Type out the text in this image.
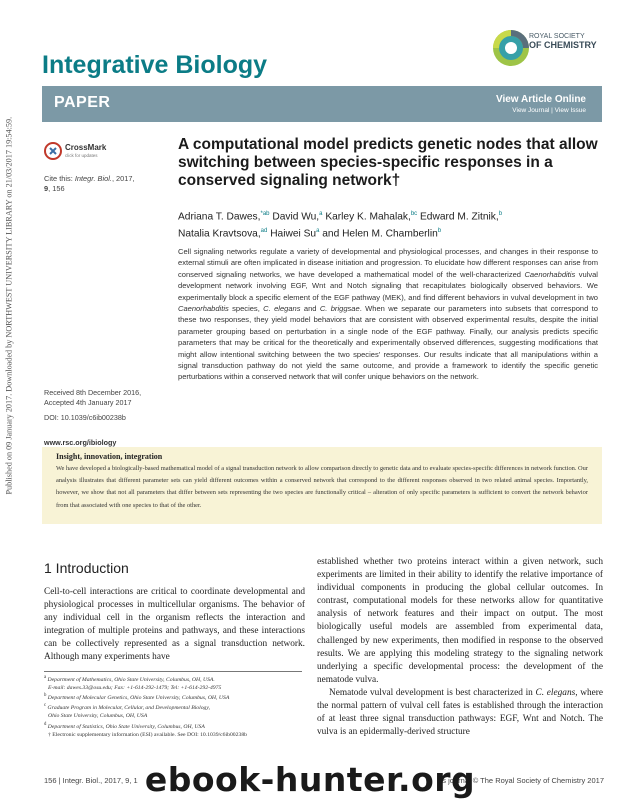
Published on 09 January 2017. Downloaded by NORTHWEST UNIVERSITY LIBRARY on 21/03/2017 19:54:59.
Integrative Biology
ROYAL SOCIETY
OF CHEMISTRY
PAPER	View Article Online
View Journal | View Issue
CrossMark
click for updates
Cite this: Integr. Biol., 2017,
9, 156
Received 8th December 2016,
Accepted 4th January 2017
DOI: 10.1039/c6ib00238b
www.rsc.org/ibiology
A computational model predicts genetic nodes that allow switching between species-specific responses in a conserved signaling network†
Adriana T. Dawes,$^{*ab}$ David Wu,$^a$ Karley K. Mahalak,$^{bc}$ Edward M. Zitnik,$^b$
Natalia Kravtsova,$^{ad}$ Haiwei Su$^a$ and Helen M. Chamberlin$^b$
Cell signaling networks regulate a variety of developmental and physiological processes, and changes in their response to external stimuli are often implicated in disease initiation and progression. To elucidate how different responses can arise from conserved signaling networks, we have developed a mathematical model of the well-characterized Caenorhabditis vulval development network involving EGF, Wnt and Notch signaling that recapitulates biologically observed behaviors. We experimentally block a specific element of the EGF pathway (MEK), and find different behaviors in vulval development in two Caenorhabditis species, C. elegans and C. briggsae. When we separate our parameters into subsets that correspond to these two responses, they yield model behaviors that are consistent with observed experimental results, despite the initial parameter grouping based on perturbation in a single node of the EGF pathway. Finally, our analysis predicts specific parameters that may be critical for the theoretically and experimentally observed differences, suggesting modifications that might allow intentional switching between the two species' responses. Our results indicate that all manipulations within a signal transduction pathway do not yield the same outcome, and provide a framework to identify the specific genetic perturbations within a conserved network that will confer unique behaviors on the network.
Insight, innovation, integration
We have developed a biologically-based mathematical model of a signal transduction network to allow comparison directly to genetic data and to evaluate species-specific differences in network function. Our analysis illustrates that different parameter sets can yield different outcomes within a conserved network that correspond to the different responses observed in two related animal species. Importantly, however, we show that not all parameters that differ between sets representing the two species are functionally critical – alteration of only specific parameters is sufficient to convert the network behavior from that associated with one species to that of the other.
1 Introduction
Cell-to-cell interactions are critical to coordinate developmental and physiological processes in multicellular organisms. The behavior of any individual cell in the organism reflects the interaction and integration of multiple proteins and pathways, and these interactions can be collectively represented as a signal transduction network. Although many experiments have
$^a$ Department of Mathematics, Ohio State University, Columbus, OH, USA.
E-mail: dawes.33@osu.edu; Fax: +1-614-292-1479; Tel: +1-614-292-4975
$^b$ Department of Molecular Genetics, Ohio State University, Columbus, OH, USA
$^c$ Graduate Program in Molecular, Cellular, and Developmental Biology,
Ohio State University, Columbus, OH, USA
$^d$ Department of Statistics, Ohio State University, Columbus, OH, USA
† Electronic supplementary information (ESI) available. See DOI: 10.1039/c6ib00238b

established whether two proteins interact within a given network, such experiments are limited in their ability to identify the relative importance of individual components in producing the global cellular outcomes. In contrast, computational models for these networks allow for quantitative analysis of network features and their impact on output. The most biologically useful models are assembled from experimental data, challenged by new experiments, then modified in response to the observed results. We are applying this modeling strategy to the signaling network underlying a specific developmental process: the development of the nematode vulva.

Nematode vulval development is best characterized in C. elegans, where the normal pattern of vulval cell fates is established through the interaction of at least three signal transduction pathways: EGF, Wnt and Notch. The vulva is an epidermally-derived structure

156 | Integr. Biol., 2017, 9, 1	is journal © The Royal Society of Chemistry 2017
ebook-hunter.org
